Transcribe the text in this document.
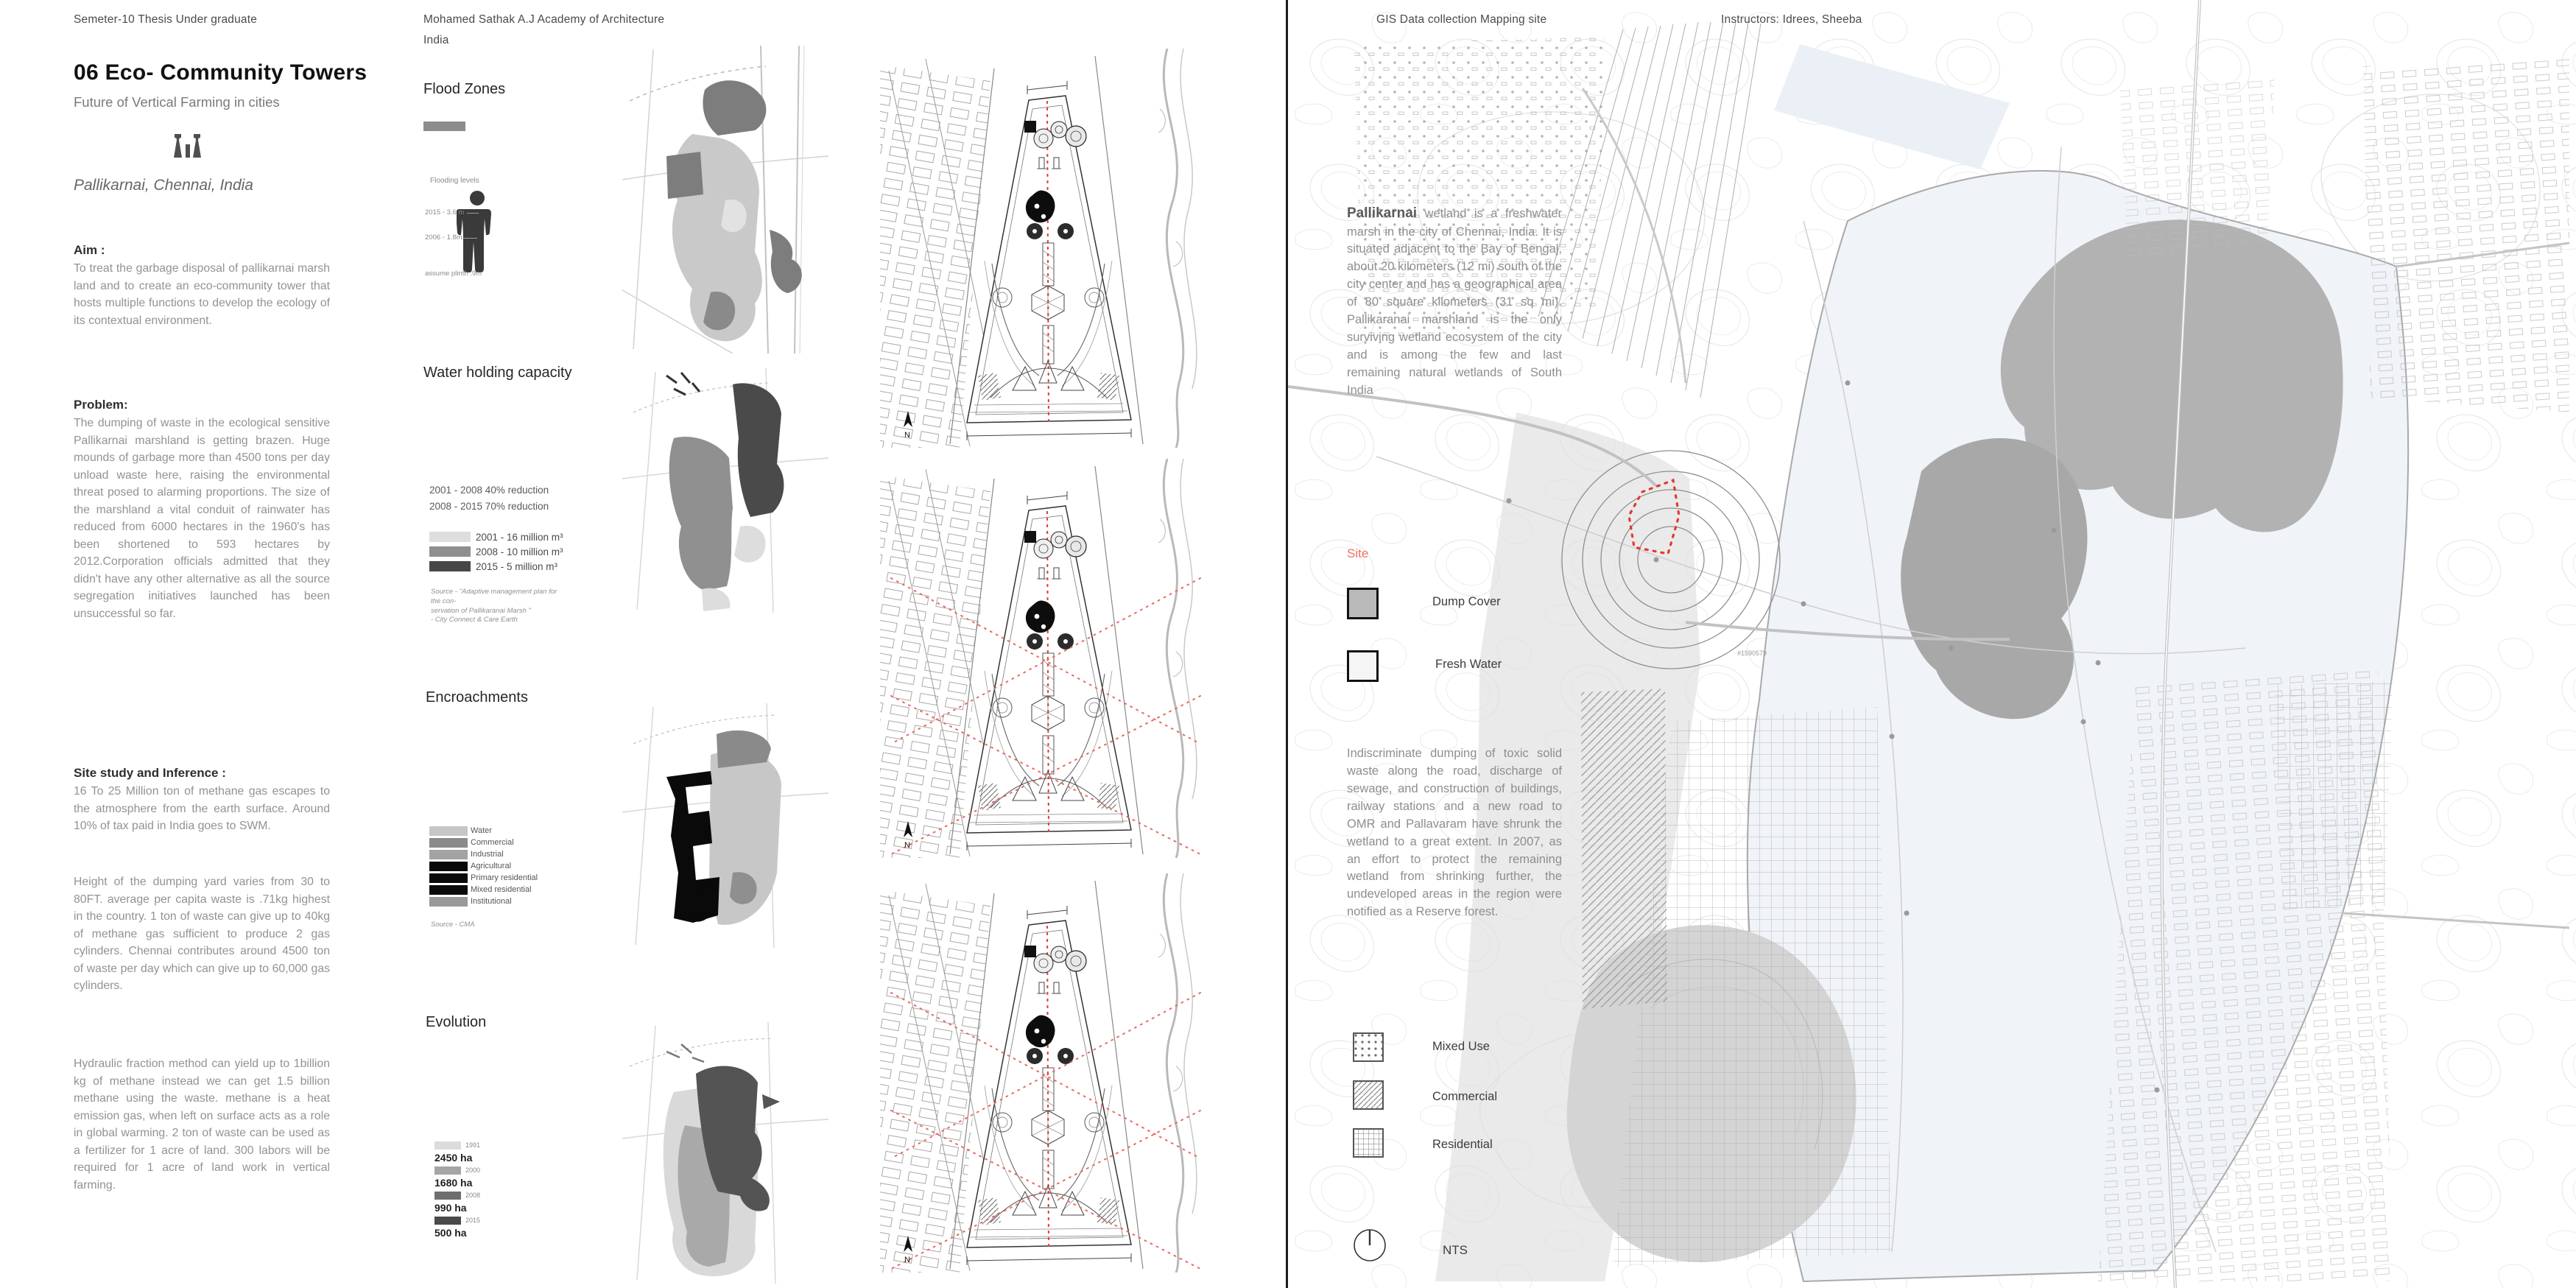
Semeter-10 Thesis Under graduate
06 Eco- Community Towers
Future of Vertical Farming in cities
Pallikarnai, Chennai, India
Aim :
To treat the garbage disposal of pallikarnai marsh land and to create an eco-community tower that hosts multiple functions to develop the ecology of its contextual environment.
Problem:
The dumping of waste in the ecological sensitive Pallikarnai marshland is getting brazen. Huge mounds of garbage more than 4500 tons per day unload waste here, raising the environmental threat posed to alarming proportions. The size of the marshland a vital conduit of rainwater has reduced from 6000 hectares in the 1960's has been shortened to 593 hectares by 2012.Corporation officials admitted that they didn't have any other alternative as all the source segregation initiatives launched has been unsuccessful so far.
Site study and Inference :
16 To 25 Million ton of methane gas escapes to the atmosphere from the earth surface. Around 10% of tax paid in India goes to SWM.
Height of the dumping yard varies from 30 to 80FT. average per capita waste is .71kg highest in the country. 1 ton of waste can give up to 40kg of methane gas sufficient to produce 2 gas cylinders. Chennai contributes around 4500 ton of waste per day which can give up to 60,000 gas cylinders.
Hydraulic fraction method can yield up to 1billion kg of methane instead we can get 1.5 billion methane using the waste. methane is a heat emission gas, when left on surface acts as a role in global warming. 2 ton of waste can be used as a fertilizer for 1 acre of land. 300 labors will be required for 1 acre of land work in vertical farming.
Mohamed Sathak A.J Academy of Architecture
India
Flood Zones
Flooding levels
2015 - 3.6 m
2006 - 1.8m
assume plinth .9m
Water holding capacity
2001 - 2008 40% reduction
2008 - 2015 70% reduction
2001 - 16 million m³
2008 - 10 million m³
2015 - 5 million m³
Source - "Adaptive management plan for the con-
servation of Pallikaranai Marsh "
- City Connect & Care Earth
Encroachments
Water
Commercial
Industrial
Agricultural
Primary residential
Mixed residential
Institutional
Source - CMA
Evolution
1991
2450 ha
2000
1680 ha
2008
990 ha
2015
500 ha
N
N
N
#1590579
GIS Data collection Mapping site	Instructors: Idrees, Sheeba
Pallikarnai wetland is a freshwater marsh in the city of Chennai, India. It is situated adjacent to the Bay of Bengal, about 20 kilometers (12 mi) south of the city center and has a geographical area of 80 square kilometers (31 sq mi). Pallikaranai marshland is the only surviving wetland ecosystem of the city and is among the few and last remaining natural wetlands of South India
Site
Dump Cover
Fresh Water
Indiscriminate dumping of toxic solid waste along the road, discharge of sewage, and construction of buildings, railway stations and a new road to OMR and Pallavaram have shrunk the wetland to a great extent. In 2007, as an effort to protect the remaining wetland from shrinking further, the undeveloped areas in the region were notified as a Reserve forest.
Mixed Use
Commercial
Residential
NTS
